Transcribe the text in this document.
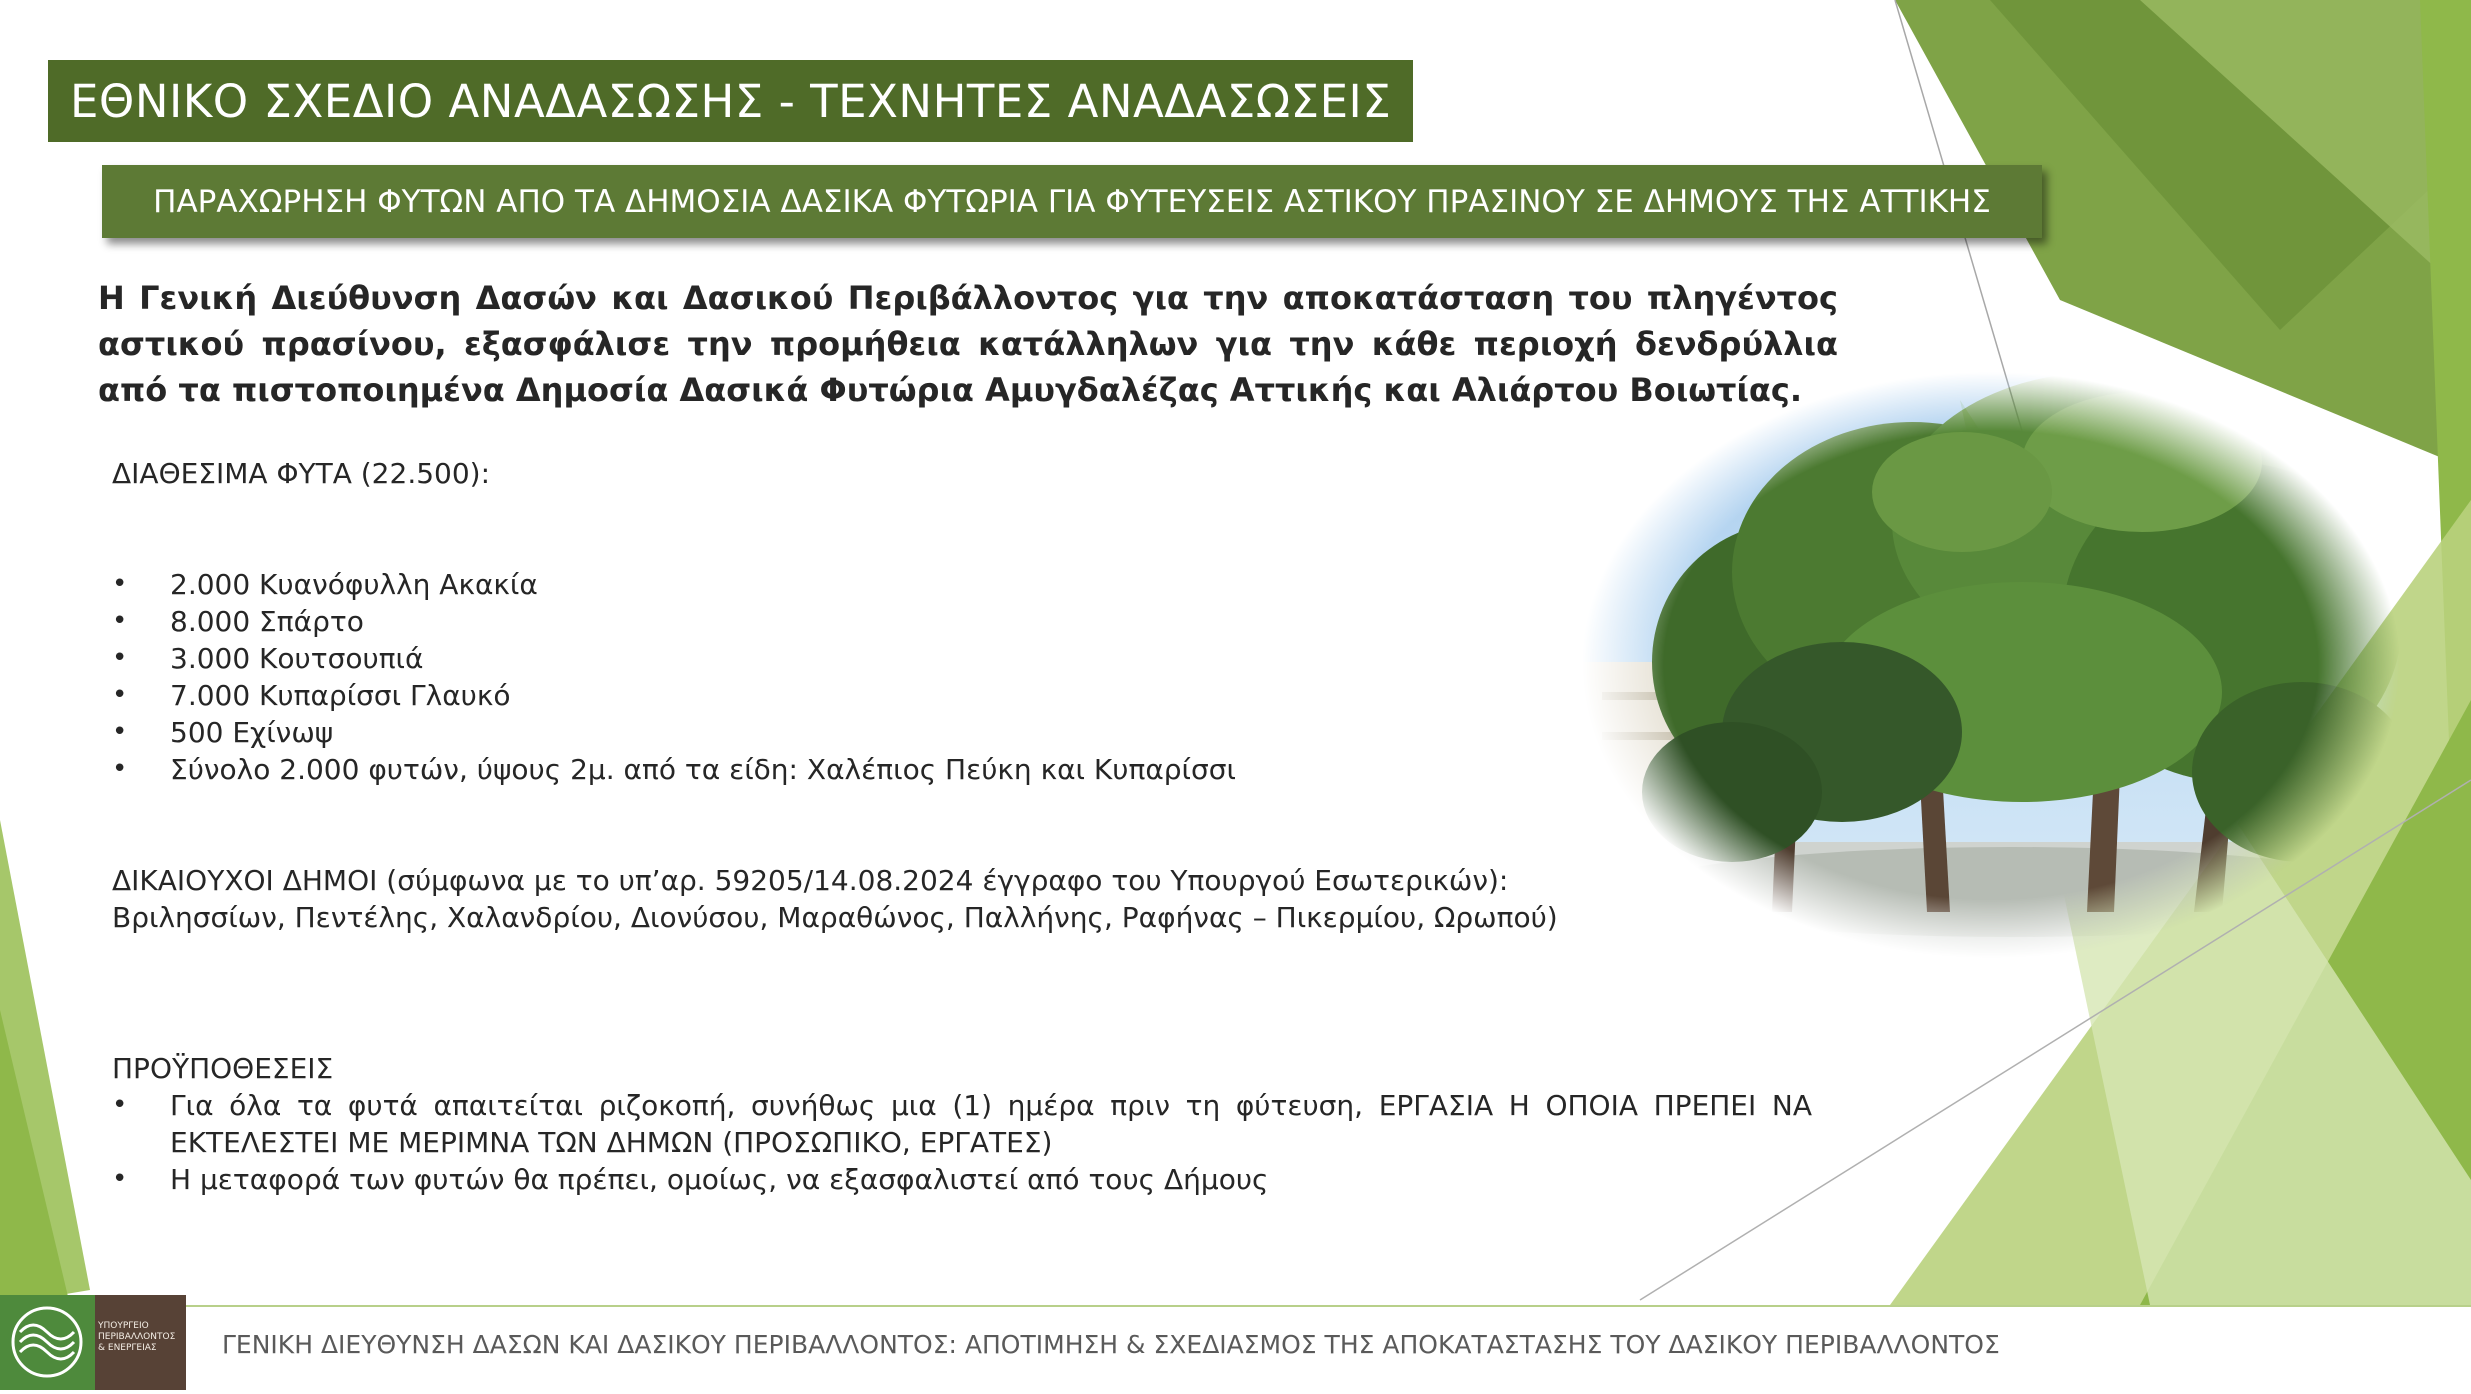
ΕΘΝΙΚΟ ΣΧΕΔΙΟ ΑΝΑΔΑΣΩΣΗΣ - ΤΕΧΝΗΤΕΣ ΑΝΑΔΑΣΩΣΕΙΣ
ΠΑΡΑΧΩΡΗΣΗ ΦΥΤΩΝ ΑΠΟ ΤΑ ΔΗΜΟΣΙΑ ΔΑΣΙΚΑ ΦΥΤΩΡΙΑ ΓΙΑ ΦΥΤΕΥΣΕΙΣ ΑΣΤΙΚΟΥ ΠΡΑΣΙΝΟΥ ΣΕ ΔΗΜΟΥΣ ΤΗΣ ΑΤΤΙΚΗΣ
Η Γενική Διεύθυνση Δασών και Δασικού Περιβάλλοντος για την αποκατάσταση του πληγέντος αστικού πρασίνου, εξασφάλισε την προμήθεια κατάλληλων για την κάθε περιοχή δενδρύλλια από τα πιστοποιημένα Δημοσία Δασικά Φυτώρια Αμυγδαλέζας Αττικής και Αλιάρτου Βοιωτίας.
ΔΙΑΘΕΣΙΜΑ ΦΥΤΑ (22.500):
• 2.000 Κυανόφυλλη Ακακία
• 8.000 Σπάρτο
• 3.000 Κουτσουπιά
• 7.000 Κυπαρίσσι Γλαυκό
• 500 Εχίνωψ
• Σύνολο 2.000 φυτών, ύψους 2μ. από τα είδη: Χαλέπιος Πεύκη και Κυπαρίσσι
ΔΙΚΑΙΟΥΧΟΙ ΔΗΜΟΙ (σύμφωνα με το υπ’αρ. 59205/14.08.2024 έγγραφο του Υπουργού Εσωτερικών):
Βριλησσίων, Πεντέλης, Χαλανδρίου, Διονύσου, Μαραθώνος, Παλλήνης, Ραφήνας – Πικερμίου, Ωρωπού)
ΠΡΟΫΠΟΘΕΣΕΙΣ
• Για όλα τα φυτά απαιτείται ριζοκοπή, συνήθως μια (1) ημέρα πριν τη φύτευση, ΕΡΓΑΣΙΑ Η ΟΠΟΙΑ ΠΡΕΠΕΙ ΝΑ ΕΚΤΕΛΕΣΤΕΙ ΜΕ ΜΕΡΙΜΝΑ ΤΩΝ ΔΗΜΩΝ (ΠΡΟΣΩΠΙΚΟ, ΕΡΓΑΤΕΣ)
• Η μεταφορά των φυτών θα πρέπει, ομοίως, να εξασφαλιστεί από τους Δήμους
ΥΠΟΥΡΓΕΙΟ ΠΕΡΙΒΑΛΛΟΝΤΟΣ & ΕΝΕΡΓΕΙΑΣ	ΓΕΝΙΚΗ ΔΙΕΥΘΥΝΣΗ ΔΑΣΩΝ ΚΑΙ ΔΑΣΙΚΟΥ ΠΕΡΙΒΑΛΛΟΝΤΟΣ: ΑΠΟΤΙΜΗΣΗ & ΣΧΕΔΙΑΣΜΟΣ ΤΗΣ ΑΠΟΚΑΤΑΣΤΑΣΗΣ ΤΟΥ ΔΑΣΙΚΟΥ ΠΕΡΙΒΑΛΛΟΝΤΟΣ
